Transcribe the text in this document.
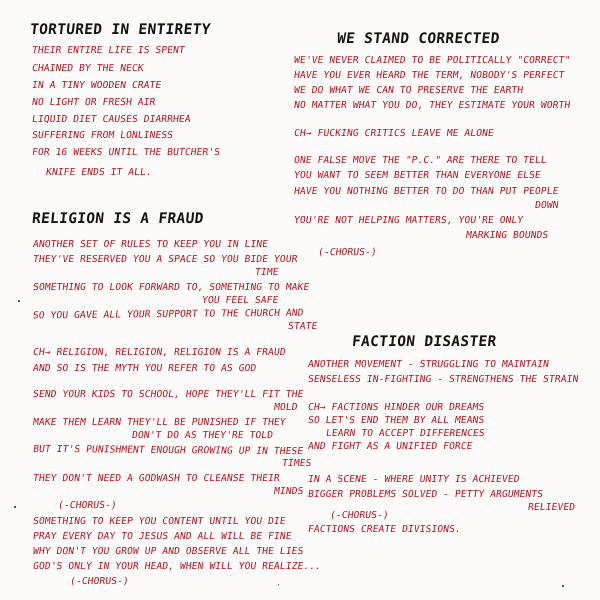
TORTURED IN ENTIRETY
THEIR ENTIRE LIFE IS SPENT
CHAINED BY THE NECK
IN A TINY WOODEN CRATE
NO LIGHT OR FRESH AIR
LIQUID DIET CAUSES DIARRHEA
SUFFERING FROM LONLINESS
FOR 16 WEEKS UNTIL THE BUTCHER'S
KNIFE ENDS IT ALL.
RELIGION IS A FRAUD
ANOTHER SET OF RULES TO KEEP YOU IN LINE
THEY'VE RESERVED YOU A SPACE SO YOU BIDE YOUR
TIME
SOMETHING TO LOOK FORWARD TO, SOMETHING TO MAKE
YOU FEEL SAFE
SO YOU GAVE ALL YOUR SUPPORT TO THE CHURCH AND
STATE
CH→ RELIGION, RELIGION, RELIGION IS A FRAUD
AND SO IS THE MYTH YOU REFER TO AS GOD
SEND YOUR KIDS TO SCHOOL, HOPE THEY'LL FIT THE
MOLD
MAKE THEM LEARN THEY'LL BE PUNISHED IF THEY
DON'T DO AS THEY'RE TOLD
BUT IT'S PUNISHMENT ENOUGH GROWING UP IN THESE
TIMES
THEY DON'T NEED A GODWASH TO CLEANSE THEIR
MINDS
(-CHORUS-)
SOMETHING TO KEEP YOU CONTENT UNTIL YOU DIE
PRAY EVERY DAY TO JESUS AND ALL WILL BE FINE
WHY DON'T YOU GROW UP AND OBSERVE ALL THE LIES
GOD'S ONLY IN YOUR HEAD, WHEN WILL YOU REALIZE...
(-CHORUS-)
WE STAND CORRECTED
WE'VE NEVER CLAIMED TO BE POLITICALLY "CORRECT"
HAVE YOU EVER HEARD THE TERM, NOBODY'S PERFECT
WE DO WHAT WE CAN TO PRESERVE THE EARTH
NO MATTER WHAT YOU DO, THEY ESTIMATE YOUR WORTH
CH→ FUCKING CRITICS LEAVE ME ALONE
ONE FALSE MOVE THE "P.C." ARE THERE TO TELL
YOU WANT TO SEEM BETTER THAN EVERYONE ELSE
HAVE YOU NOTHING BETTER TO DO THAN PUT PEOPLE
DOWN
YOU'RE NOT HELPING MATTERS, YOU'RE ONLY
MARKING BOUNDS
(-CHORUS-)
FACTION DISASTER
ANOTHER MOVEMENT - STRUGGLING TO MAINTAIN
SENSELESS IN-FIGHTING - STRENGTHENS THE STRAIN
CH→ FACTIONS HINDER OUR DREAMS
SO LET'S END THEM BY ALL MEANS
LEARN TO ACCEPT DIFFERENCES
AND FIGHT AS A UNIFIED FORCE
IN A SCENE - WHERE UNITY IS ACHIEVED
BIGGER PROBLEMS SOLVED - PETTY ARGUMENTS
RELIEVED
(-CHORUS-)
FACTIONS CREATE DIVISIONS.
